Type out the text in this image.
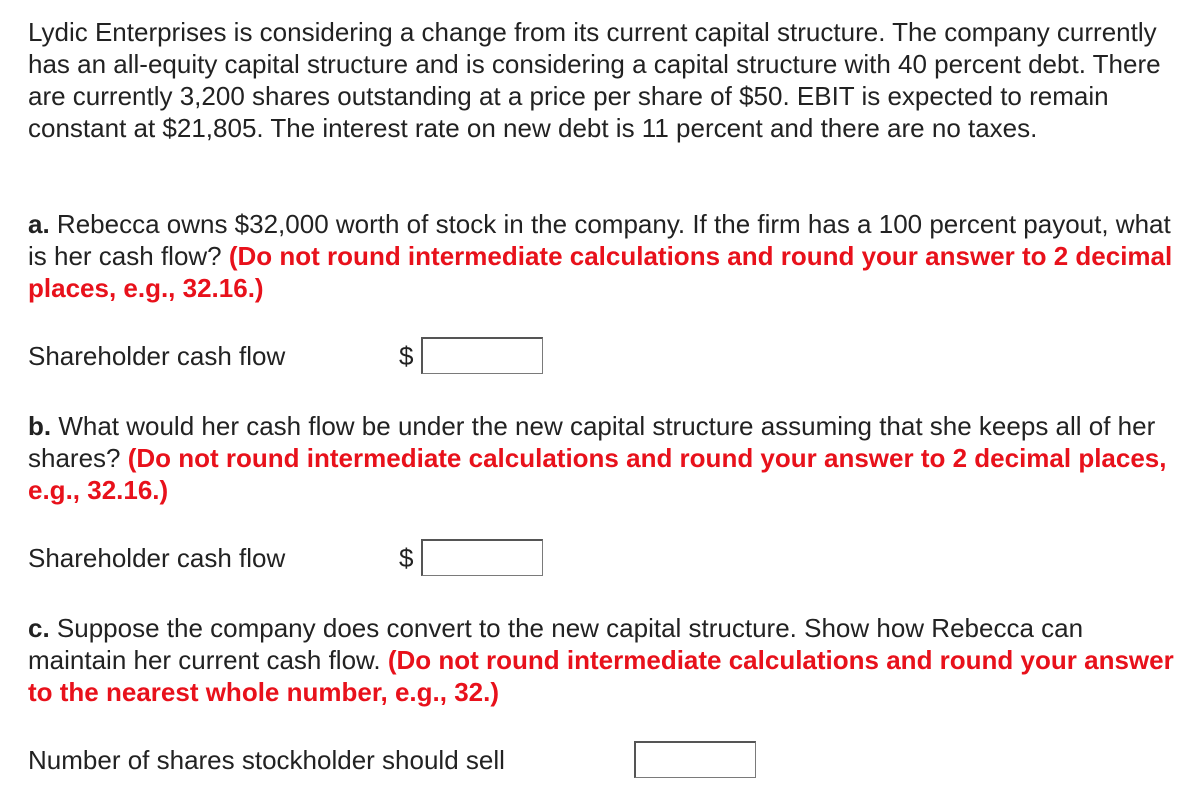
Lydic Enterprises is considering a change from its current capital structure. The company currently has an all-equity capital structure and is considering a capital structure with 40 percent debt. There are currently 3,200 shares outstanding at a price per share of $50. EBIT is expected to remain constant at $21,805. The interest rate on new debt is 11 percent and there are no taxes.

a. Rebecca owns $32,000 worth of stock in the company. If the firm has a 100 percent payout, what is her cash flow? (Do not round intermediate calculations and round your answer to 2 decimal places, e.g., 32.16.)

Shareholder cash flow	$

b. What would her cash flow be under the new capital structure assuming that she keeps all of her shares? (Do not round intermediate calculations and round your answer to 2 decimal places, e.g., 32.16.)

Shareholder cash flow	$

c. Suppose the company does convert to the new capital structure. Show how Rebecca can maintain her current cash flow. (Do not round intermediate calculations and round your answer to the nearest whole number, e.g., 32.)

Number of shares stockholder should sell
